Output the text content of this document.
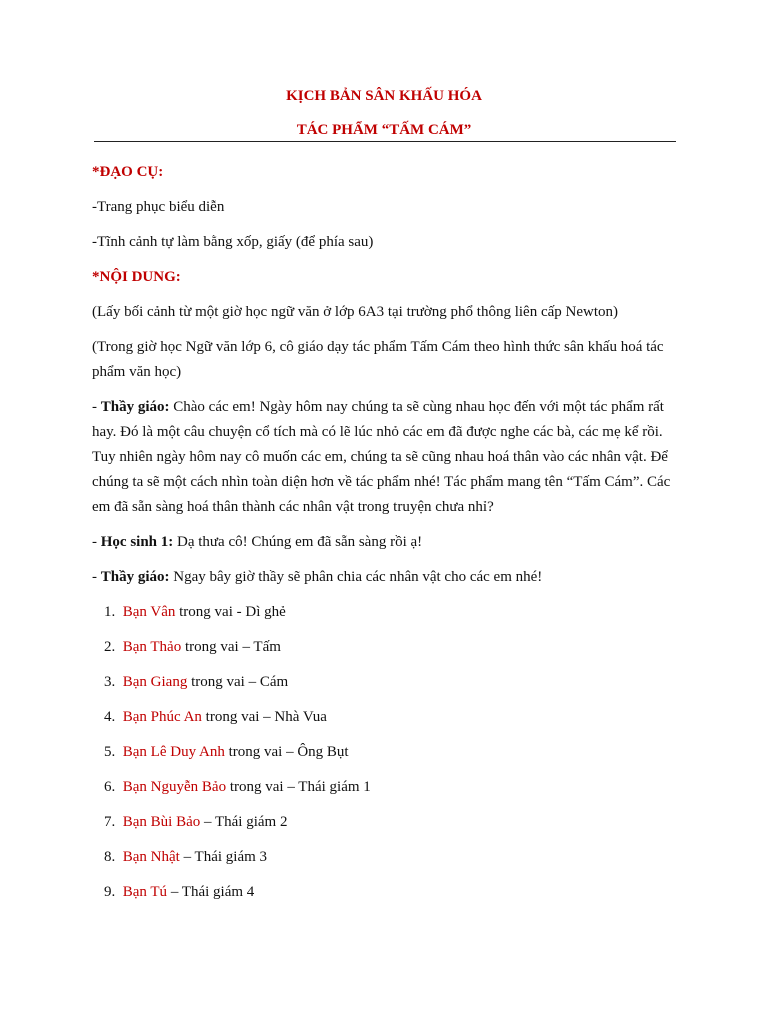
KỊCH BẢN SÂN KHẤU HÓA
TÁC PHẨM “TẤM CÁM”

*ĐẠO CỤ:

-Trang phục biểu diễn

-Tĩnh cảnh tự làm bằng xốp, giấy (để phía sau)

*NỘI DUNG:

(Lấy bối cảnh từ một giờ học ngữ văn ở lớp 6A3 tại trường phổ thông liên cấp Newton)

(Trong giờ học Ngữ văn lớp 6, cô giáo dạy tác phẩm Tấm Cám theo hình thức sân khấu hoá tác phẩm văn học)

- Thầy giáo: Chào các em! Ngày hôm nay chúng ta sẽ cùng nhau học đến với một tác phẩm rất hay. Đó là một câu chuyện cổ tích mà có lẽ lúc nhỏ các em đã được nghe các bà, các mẹ kể rồi. Tuy nhiên ngày hôm nay cô muốn các em, chúng ta sẽ cũng nhau hoá thân vào các nhân vật. Để chúng ta sẽ một cách nhìn toàn diện hơn về tác phẩm nhé! Tác phẩm mang tên “Tấm Cám”. Các em đã sẵn sàng hoá thân thành các nhân vật trong truyện chưa nhỉ?

- Học sinh 1: Dạ thưa cô! Chúng em đã sẵn sàng rồi ạ!

- Thầy giáo: Ngay bây giờ thầy sẽ phân chia các nhân vật cho các em nhé!

1. Bạn Vân trong vai - Dì ghẻ
2. Bạn Thảo trong vai – Tấm
3. Bạn Giang trong vai – Cám
4. Bạn Phúc An trong vai – Nhà Vua
5. Bạn Lê Duy Anh trong vai – Ông Bụt
6. Bạn Nguyễn Bảo trong vai – Thái giám 1
7. Bạn Bùi Bảo – Thái giám 2
8. Bạn Nhật – Thái giám 3
9. Bạn Tú – Thái giám 4
